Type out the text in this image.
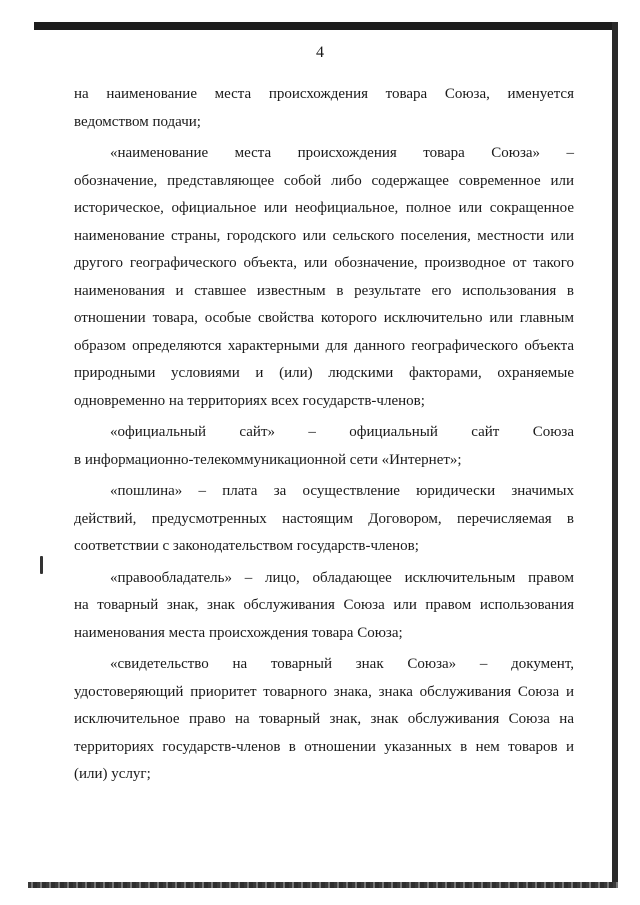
4

на наименование места происхождения товара Союза, именуется
ведомством подачи;

«наименование места происхождения товара Союза» –
обозначение, представляющее собой либо содержащее современное или историческое, официальное или неофициальное, полное или сокращенное наименование страны, городского или сельского поселения, местности или другого географического объекта, или обозначение, производное от такого наименования и ставшее известным в результате его использования в отношении товара, особые свойства которого исключительно или главным образом определяются характерными для данного географического объекта природными условиями и (или) людскими факторами, охраняемые одновременно на территориях всех государств-членов;

«официальный сайт» – официальный сайт Союза
в информационно-телекоммуникационной сети «Интернет»;

«пошлина» – плата за осуществление юридически значимых
действий, предусмотренных настоящим Договором, перечисляемая в соответствии с законодательством государств-членов;

«правообладатель» – лицо, обладающее исключительным правом
на товарный знак, знак обслуживания Союза или правом использования наименования места происхождения товара Союза;

«свидетельство на товарный знак Союза» – документ,
удостоверяющий приоритет товарного знака, знака обслуживания Союза и исключительное право на товарный знак, знак обслуживания Союза на территориях государств-членов в отношении указанных в нем товаров и (или) услуг;
